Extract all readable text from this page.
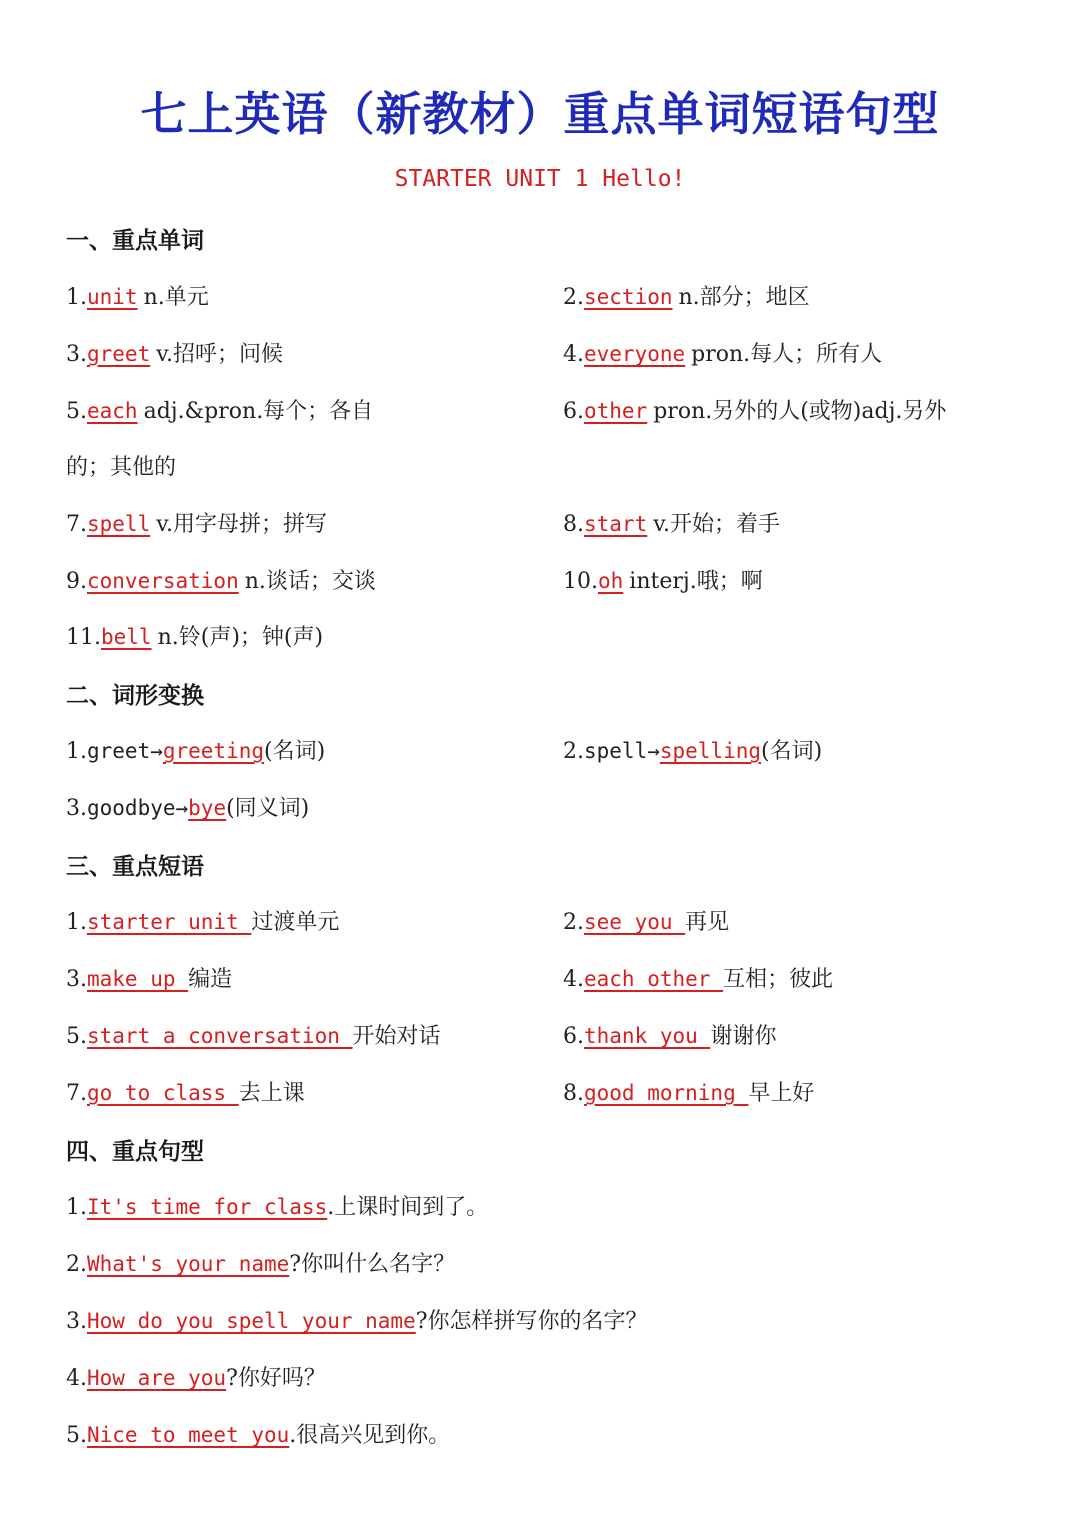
七上英语（新教材）重点单词短语句型
STARTER UNIT 1 Hello!
一、重点单词
1.unit n.单元	2.section n.部分；地区
3.greet v.招呼；问候	4.everyone pron.每人；所有人
5.each adj.&pron.每个；各自	6.other pron.另外的人(或物)adj.另外
的；其他的
7.spell v.用字母拼；拼写	8.start v.开始；着手
9.conversation n.谈话；交谈	10.oh interj.哦；啊
11.bell n.铃(声)；钟(声)
二、词形变换
1.greet→greeting(名词)	2.spell→spelling(名词)
3.goodbye→bye(同义词)
三、重点短语
1.starter unit 过渡单元	2.see you 再见
3.make up 编造	4.each other 互相；彼此
5.start a conversation 开始对话	6.thank you 谢谢你
7.go to class 去上课	8.good morning 早上好
四、重点句型
1.It's time for class.上课时间到了。
2.What's your name?你叫什么名字？
3.How do you spell your name?你怎样拼写你的名字？
4.How are you?你好吗？
5.Nice to meet you.很高兴见到你。
